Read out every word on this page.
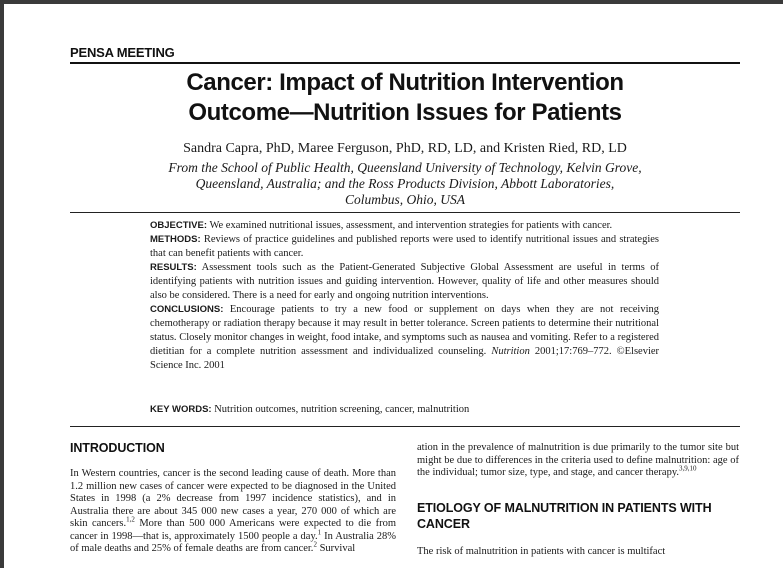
PENSA MEETING
Cancer: Impact of Nutrition Intervention
Outcome—Nutrition Issues for Patients

Sandra Capra, PhD, Maree Ferguson, PhD, RD, LD, and Kristen Ried, RD, LD

From the School of Public Health, Queensland University of Technology, Kelvin Grove,
Queensland, Australia; and the Ross Products Division, Abbott Laboratories,
Columbus, Ohio, USA

OBJECTIVE: We examined nutritional issues, assessment, and intervention strategies for patients with cancer.

METHODS: Reviews of practice guidelines and published reports were used to identify nutritional issues and strategies that can benefit patients with cancer.

RESULTS: Assessment tools such as the Patient-Generated Subjective Global Assessment are useful in terms of identifying patients with nutrition issues and guiding intervention. However, quality of life and other measures should also be considered. There is a need for early and ongoing nutrition interventions.

CONCLUSIONS: Encourage patients to try a new food or supplement on days when they are not receiving chemotherapy or radiation therapy because it may result in better tolerance. Screen patients to determine their nutritional status. Closely monitor changes in weight, food intake, and symptoms such as nausea and vomiting. Refer to a registered dietitian for a complete nutrition assessment and individualized counseling. Nutrition 2001;17:769–772. ©Elsevier Science Inc. 2001

KEY WORDS: Nutrition outcomes, nutrition screening, cancer, malnutrition

INTRODUCTION

In Western countries, cancer is the second leading cause of death. More than 1.2 million new cases of cancer were expected to be diagnosed in the United States in 1998 (a 2% decrease from 1997 incidence statistics), and in Australia there are about 345 000 new cases a year, 270 000 of which are skin cancers.$^{1,2}$ More than 500 000 Americans were expected to die from cancer in 1998—that is, approximately 1500 people a day.$^1$ In Australia 28% of male deaths and 25% of female deaths are from cancer.$^2$ Survival

ation in the prevalence of malnutrition is due primarily to the tumor site but might be due to differences in the criteria used to define malnutrition: age of the individual; tumor size, type, and stage, and cancer therapy.$^{3,9,10}$

ETIOLOGY OF MALNUTRITION IN PATIENTS WITH CANCER

The risk of malnutrition in patients with cancer is multifact
